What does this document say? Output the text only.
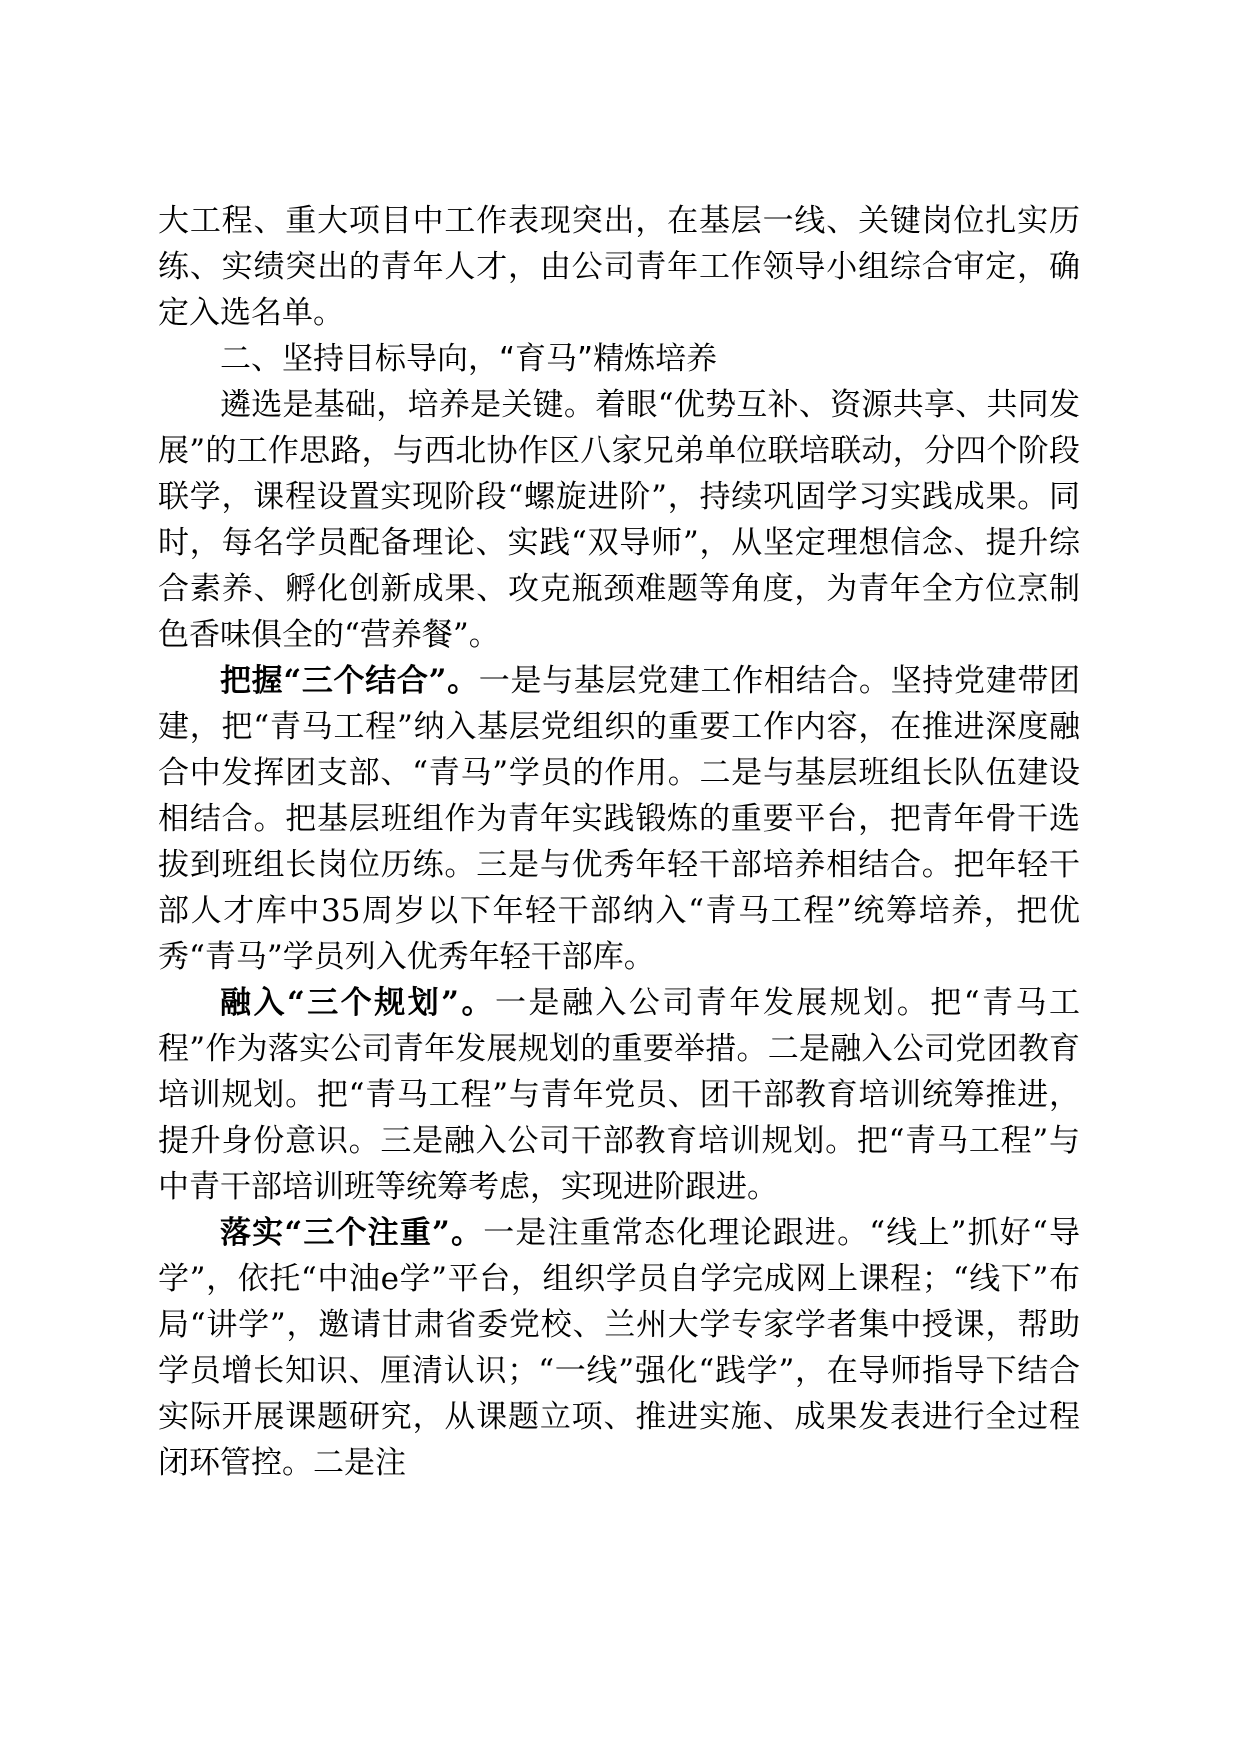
大工程、重大项目中工作表现突出，在基层一线、关键岗位扎实历练、实绩突出的青年人才，由公司青年工作领导小组综合审定，确定入选名单。

二、坚持目标导向，“育马”精炼培养

遴选是基础，培养是关键。着眼“优势互补、资源共享、共同发展”的工作思路，与西北协作区八家兄弟单位联培联动，分四个阶段联学，课程设置实现阶段“螺旋进阶”，持续巩固学习实践成果。同时，每名学员配备理论、实践“双导师”，从坚定理想信念、提升综合素养、孵化创新成果、攻克瓶颈难题等角度，为青年全方位烹制色香味俱全的“营养餐”。

把握“三个结合”。一是与基层党建工作相结合。坚持党建带团建，把“青马工程”纳入基层党组织的重要工作内容，在推进深度融合中发挥团支部、“青马”学员的作用。二是与基层班组长队伍建设相结合。把基层班组作为青年实践锻炼的重要平台，把青年骨干选拔到班组长岗位历练。三是与优秀年轻干部培养相结合。把年轻干部人才库中35周岁以下年轻干部纳入“青马工程”统筹培养，把优秀“青马”学员列入优秀年轻干部库。

融入“三个规划”。一是融入公司青年发展规划。把“青马工程”作为落实公司青年发展规划的重要举措。二是融入公司党团教育培训规划。把“青马工程”与青年党员、团干部教育培训统筹推进，提升身份意识。三是融入公司干部教育培训规划。把“青马工程”与中青干部培训班等统筹考虑，实现进阶跟进。

落实“三个注重”。一是注重常态化理论跟进。“线上”抓好“导学”，依托“中油e学”平台，组织学员自学完成网上课程；“线下”布局“讲学”，邀请甘肃省委党校、兰州大学专家学者集中授课，帮助学员增长知识、厘清认识；“一线”强化“践学”，在导师指导下结合实际开展课题研究，从课题立项、推进实施、成果发表进行全过程闭环管控。二是注
